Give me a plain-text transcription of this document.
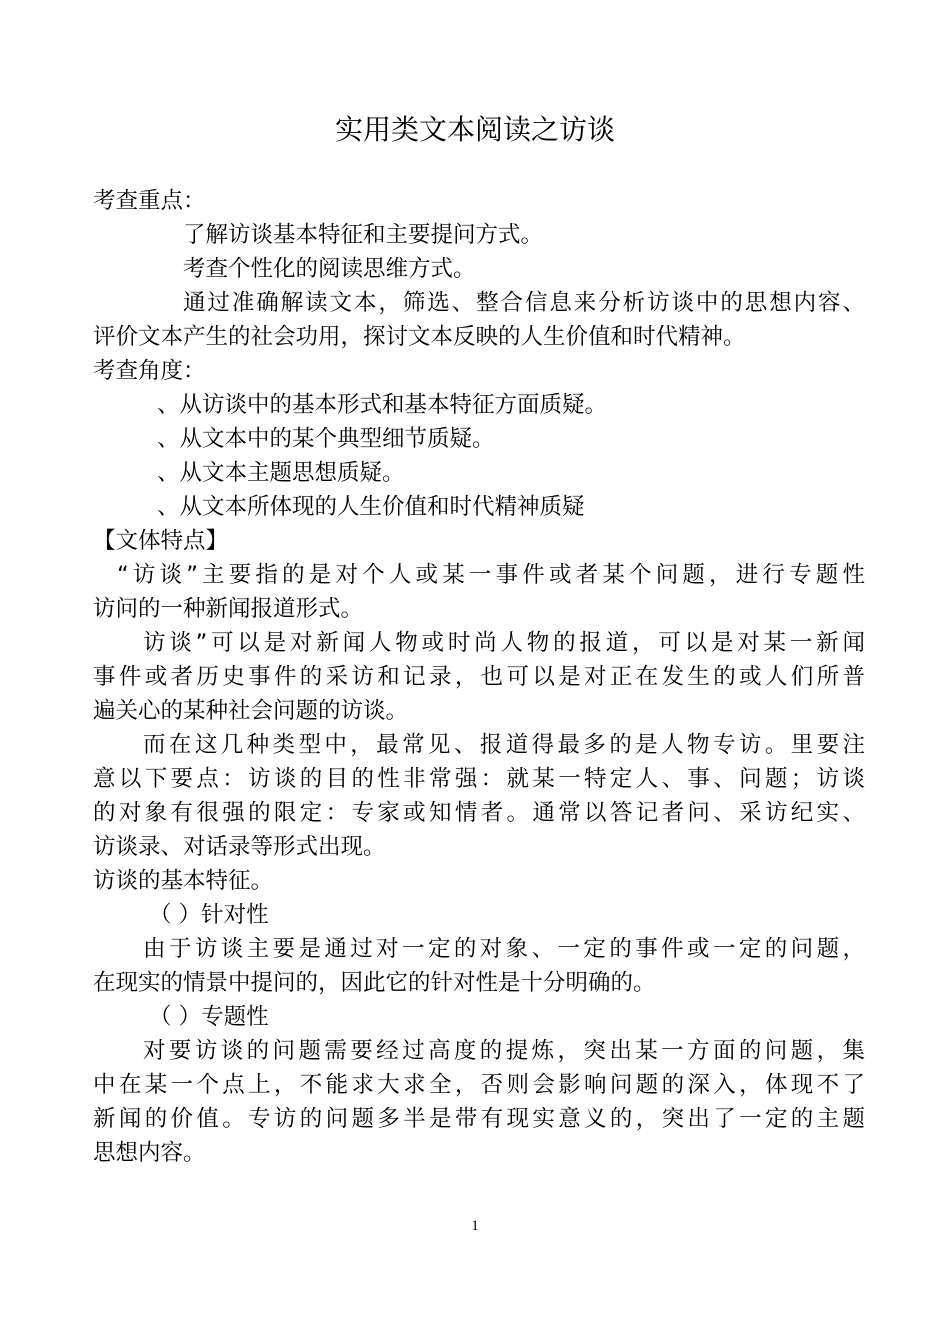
实用类文本阅读之访谈
考查重点：
了解访谈基本特征和主要提问方式。
考查个性化的阅读思维方式。
通过准确解读文本，筛选、整合信息来分析访谈中的思想内容、
评价文本产生的社会功用，探讨文本反映的人生价值和时代精神。
考查角度：
、从访谈中的基本形式和基本特征方面质疑。
、从文本中的某个典型细节质疑。
、从文本主题思想质疑。
、从文本所体现的人生价值和时代精神质疑
【文体特点】
“访谈”主要指的是对个人或某一事件或者某个问题，进行专题性
访问的一种新闻报道形式。
访谈”可以是对新闻人物或时尚人物的报道，可以是对某一新闻
事件或者历史事件的采访和记录，也可以是对正在发生的或人们所普
遍关心的某种社会问题的访谈。
而在这几种类型中，最常见、报道得最多的是人物专访。里要注
意以下要点：访谈的目的性非常强：就某一特定人、事、问题；访谈
的对象有很强的限定：专家或知情者。通常以答记者问、采访纪实、
访谈录、对话录等形式出现。
访谈的基本特征。
（ ）针对性
由于访谈主要是通过对一定的对象、一定的事件或一定的问题，
在现实的情景中提问的，因此它的针对性是十分明确的。
（ ）专题性
对要访谈的问题需要经过高度的提炼，突出某一方面的问题，集
中在某一个点上，不能求大求全，否则会影响问题的深入，体现不了
新闻的价值。专访的问题多半是带有现实意义的，突出了一定的主题
思想内容。
1
